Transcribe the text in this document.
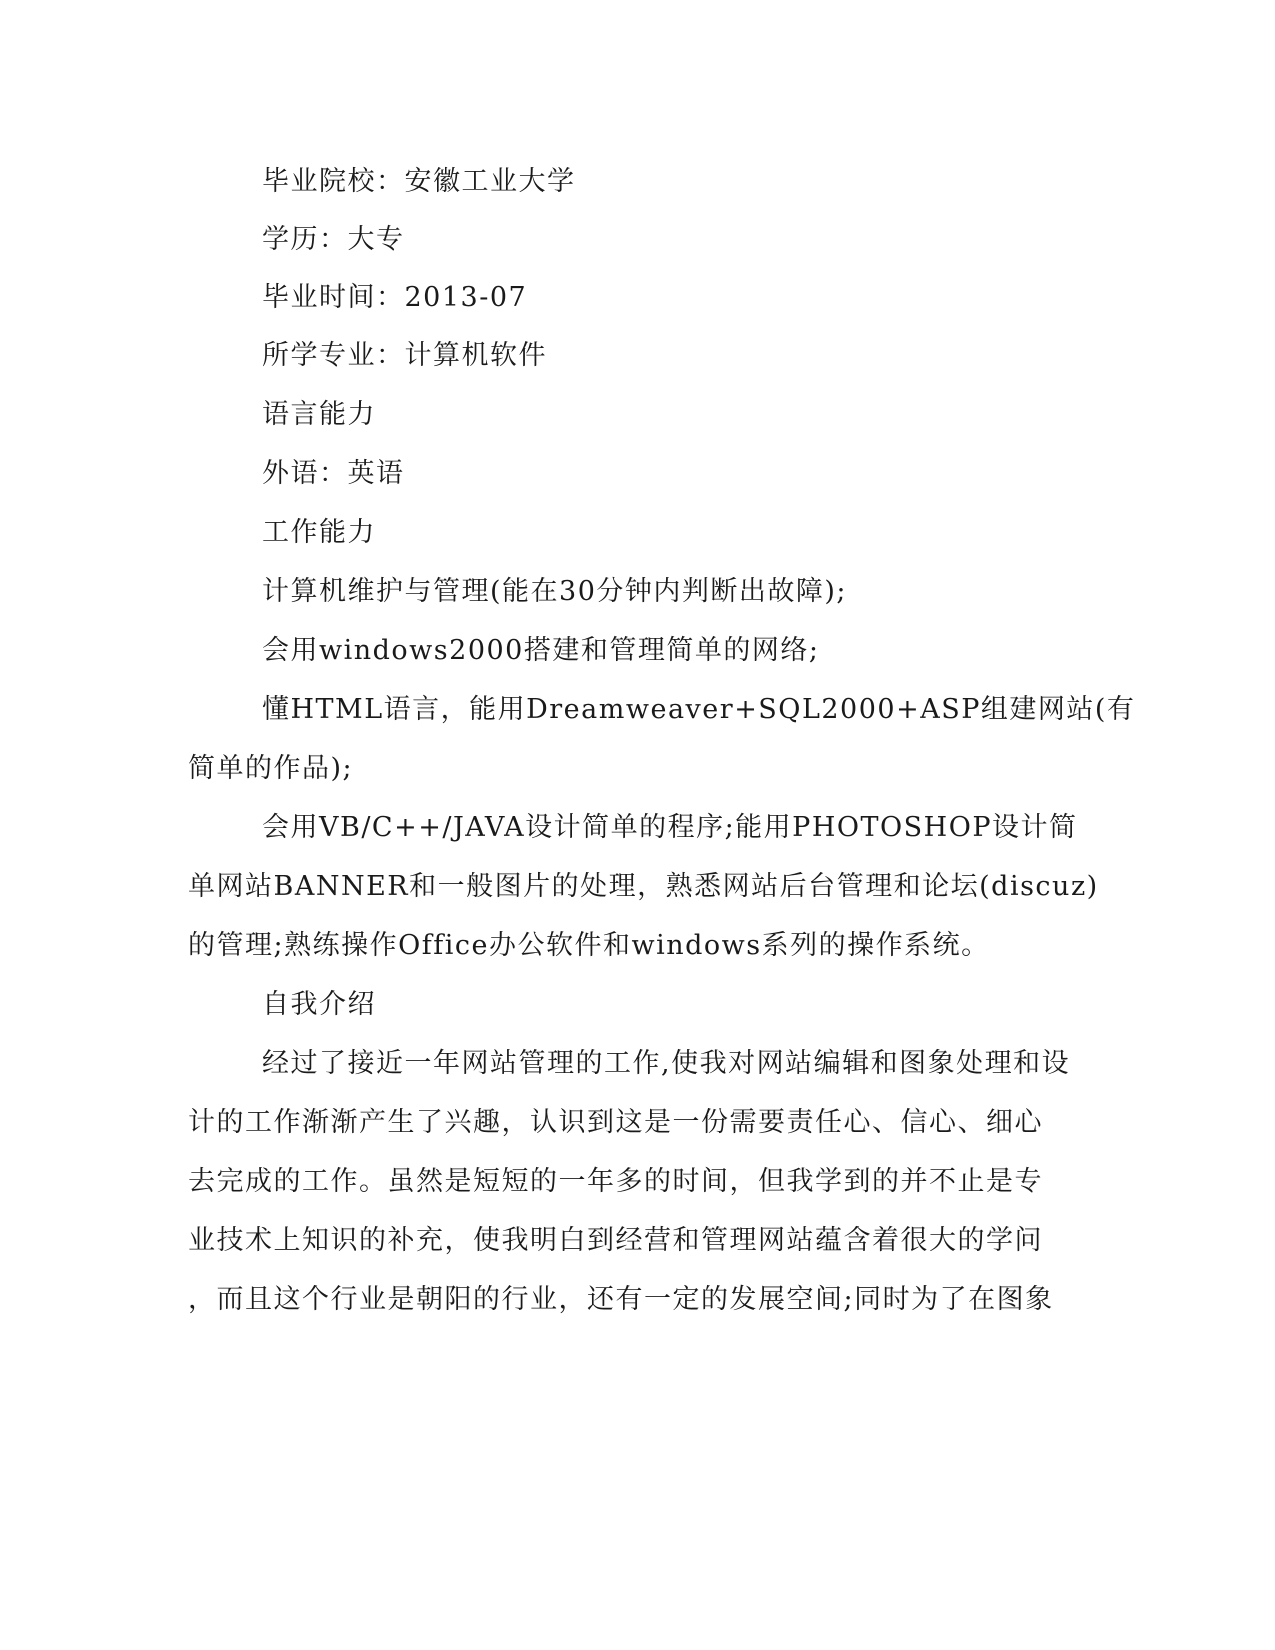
毕业院校：安徽工业大学
学历：大专
毕业时间：2013-07
所学专业：计算机软件
语言能力
外语：英语
工作能力
计算机维护与管理(能在30分钟内判断出故障);
会用windows2000搭建和管理简单的网络;
懂HTML语言，能用Dreamweaver+SQL2000+ASP组建网站(有
简单的作品);
会用VB/C++/JAVA设计简单的程序;能用PHOTOSHOP设计简
单网站BANNER和一般图片的处理，熟悉网站后台管理和论坛(discuz)
的管理;熟练操作Office办公软件和windows系列的操作系统。
自我介绍
经过了接近一年网站管理的工作,使我对网站编辑和图象处理和设
计的工作渐渐产生了兴趣，认识到这是一份需要责任心、信心、细心
去完成的工作。虽然是短短的一年多的时间，但我学到的并不止是专
业技术上知识的补充，使我明白到经营和管理网站蕴含着很大的学问
，而且这个行业是朝阳的行业，还有一定的发展空间;同时为了在图象
